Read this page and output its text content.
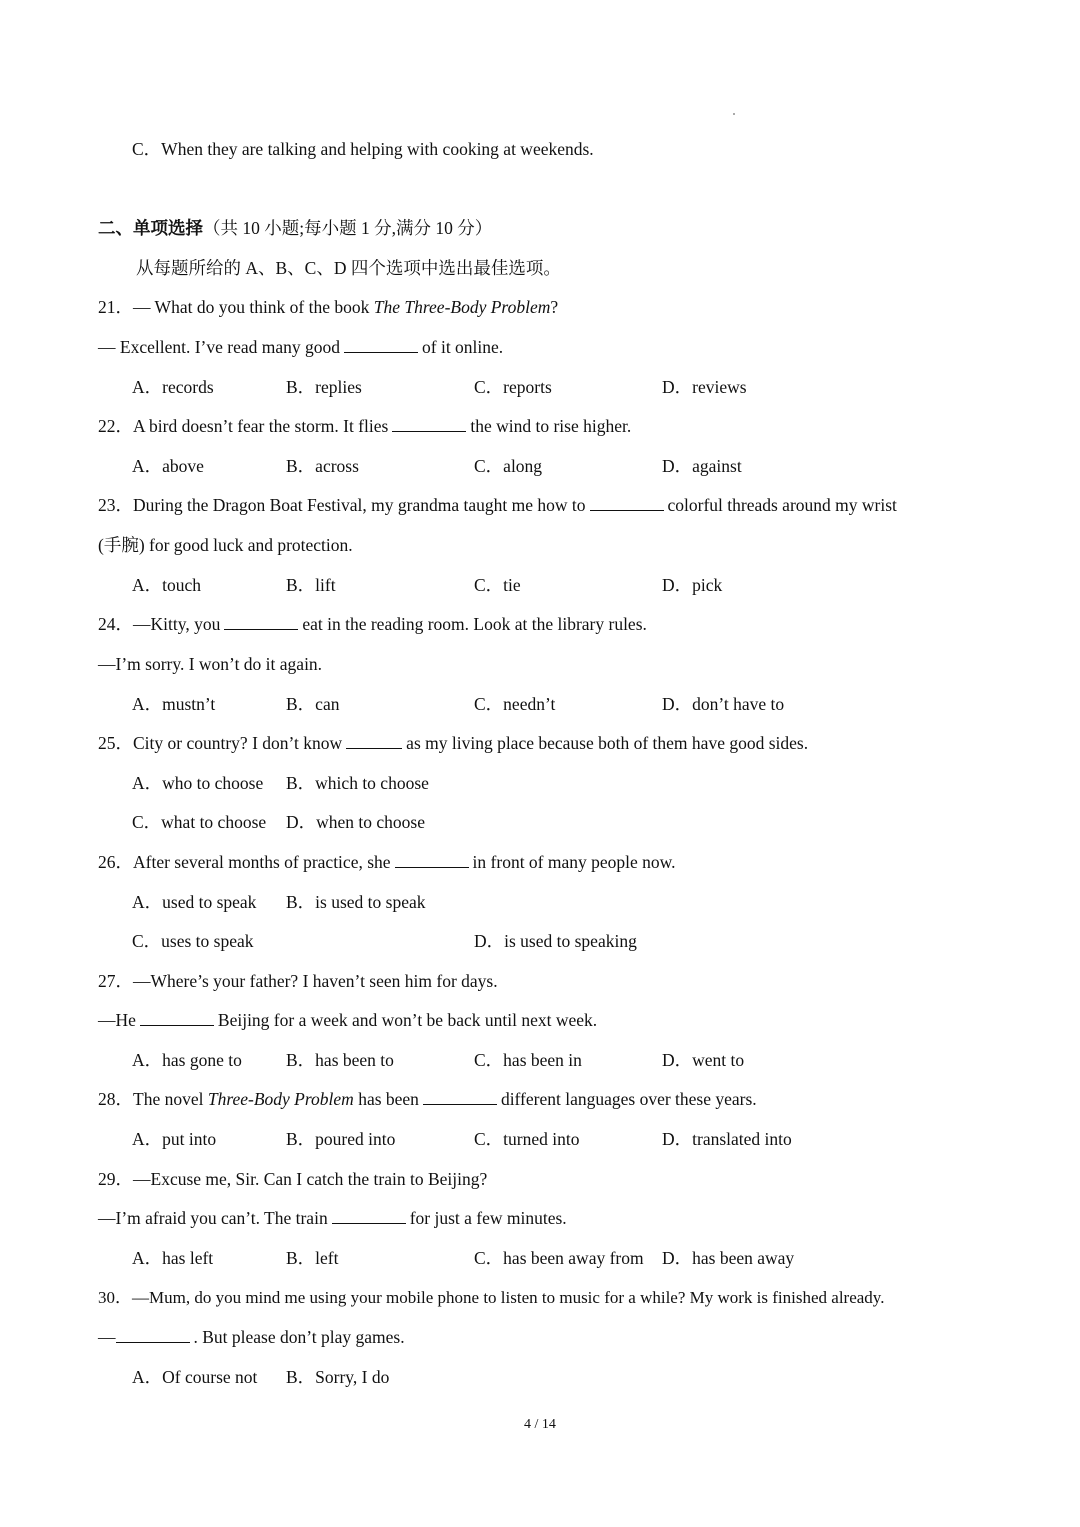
C．When they are talking and helping with cooking at weekends.
二、单项选择（共 10 小题;每小题 1 分,满分 10 分）
从每题所给的 A、B、C、D 四个选项中选出最佳选项。
21．— What do you think of the book The Three-Body Problem?
— Excellent. I’ve read many good	of it online.
A．records	B．replies	C．reports	D．reviews
22．A bird doesn’t fear the storm. It flies	the wind to rise higher.
A．above	B．across	C．along	D．against
23．During the Dragon Boat Festival, my grandma taught me how to	colorful threads around my wrist
(手腕) for good luck and protection.
A．touch	B．lift	C．tie	D．pick
24．—Kitty, you	eat in the reading room. Look at the library rules.
—I’m sorry. I won’t do it again.
A．mustn’t	B．can	C．needn’t	D．don’t have to
25．City or country? I don’t know	as my living place because both of them have good sides.
A．who to choose B．which to choose
C．what to choose D．when to choose
26．After several months of practice, she	in front of many people now.
A．used to speak B．is used to speak
C．uses to speak	D．is used to speaking
27．—Where’s your father? I haven’t seen him for days.
—He	Beijing for a week and won’t be back until next week.
A．has gone to	B．has been to	C．has been in	D．went to
28．The novel Three-Body Problem has been	different languages over these years.
A．put into	B．poured into	C．turned into	D．translated into
29．—Excuse me, Sir. Can I catch the train to Beijing?
—I’m afraid you can’t. The train	for just a few minutes.
A．has left	B．left	C．has been away from D．has been away
30．—Mum, do you mind me using your mobile phone to listen to music for a while? My work is finished already.
—	. But please don’t play games.
A．Of course not B．Sorry, I do
4 / 14
